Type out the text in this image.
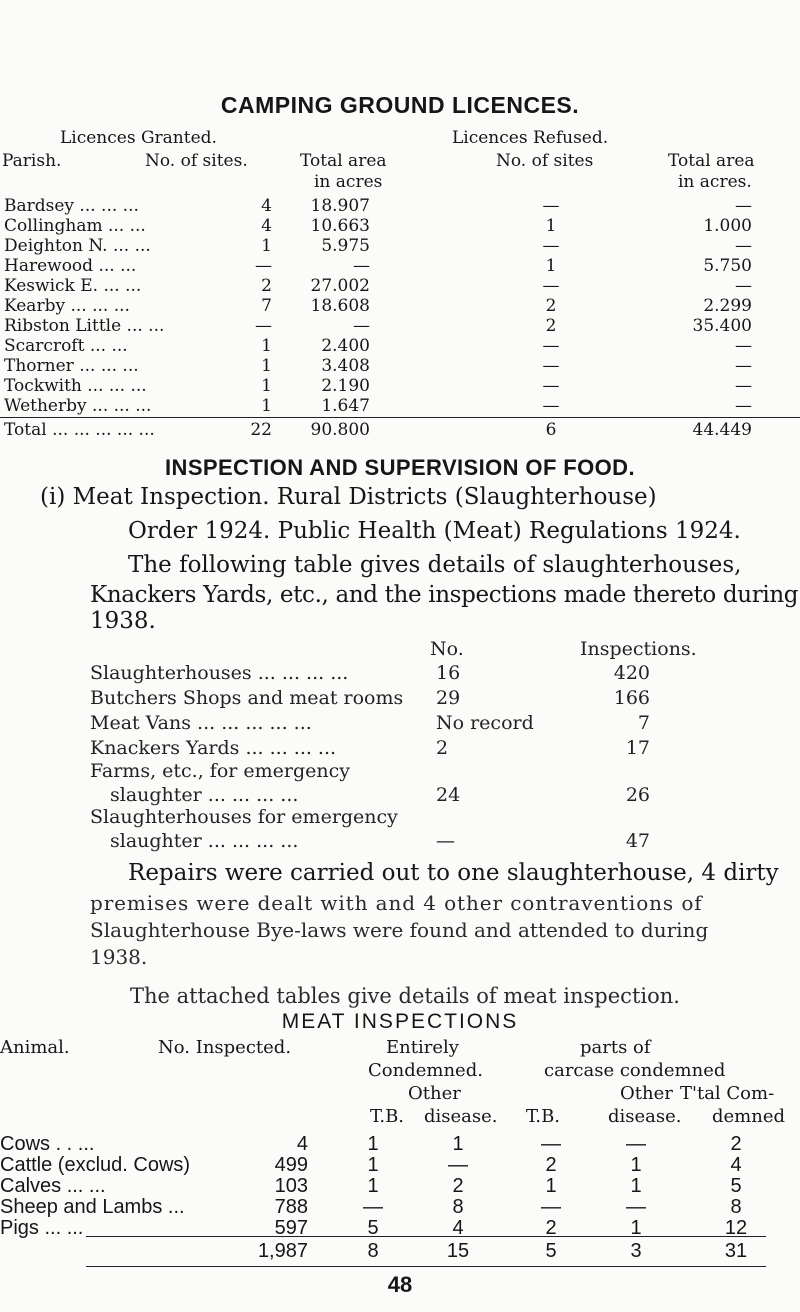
CAMPING GROUND LICENCES.
Licences Granted.	Licences Refused.
Parish.	No. of sites.	Total area
in acres
No. of sites	Total area
in acres.
Bardsey ... ... ...	4	18.907	—	—
Collingham ... ...	4	10.663	1	1.000
Deighton N. ... ...	1	5.975	—	—
Harewood ... ...	—	—	1	5.750
Keswick E. ... ...	2	27.002	—	—
Kearby ... ... ...	7	18.608	2	2.299
Ribston Little ... ...	—	—	2	35.400
Scarcroft ... ...	1	2.400	—	—
Thorner ... ... ...	1	3.408	—	—
Tockwith ... ... ...	1	2.190	—	—
Wetherby ... ... ...	1	1.647	—	—
Total ... ... ... ... ...	22	90.800	6	44.449
INSPECTION AND SUPERVISION OF FOOD.
(i) Meat Inspection. Rural Districts (Slaughterhouse)
Order 1924. Public Health (Meat) Regulations 1924.
The following table gives details of slaughterhouses,
Knackers Yards, etc., and the inspections made thereto during
1938.
No.	Inspections.
Slaughterhouses ... ... ... ...	16	420
Butchers Shops and meat rooms 29	166
Meat Vans ... ... ... ... ...	No record	7
Knackers Yards ... ... ... ...	2	17
Farms, etc., for emergency
slaughter ... ... ... ...	24	26
Slaughterhouses for emergency
slaughter ... ... ... ...	—	47
Repairs were carried out to one slaughterhouse, 4 dirty
premises were dealt with and 4 other contraventions of
Slaughterhouse Bye-laws were found and attended to during
1938.
The attached tables give details of meat inspection.
MEAT INSPECTIONS
Animal.	No. Inspected.	Entirely
Condemned.
parts of
carcase condemned
Other	Other T'tal Com-
T.B. disease. T.B.	disease. demned
Cows . . ...	4	1	1	—	—	2
Cattle (exclud. Cows)	499	1	—	2	1	4
Calves ... ...	103	1	2	1	1	5
Sheep and Lambs ...	788	—	8	—	—	8
Pigs ... ...	597	5	4	2	1	12
1,987	8	15	5	3	31
48
